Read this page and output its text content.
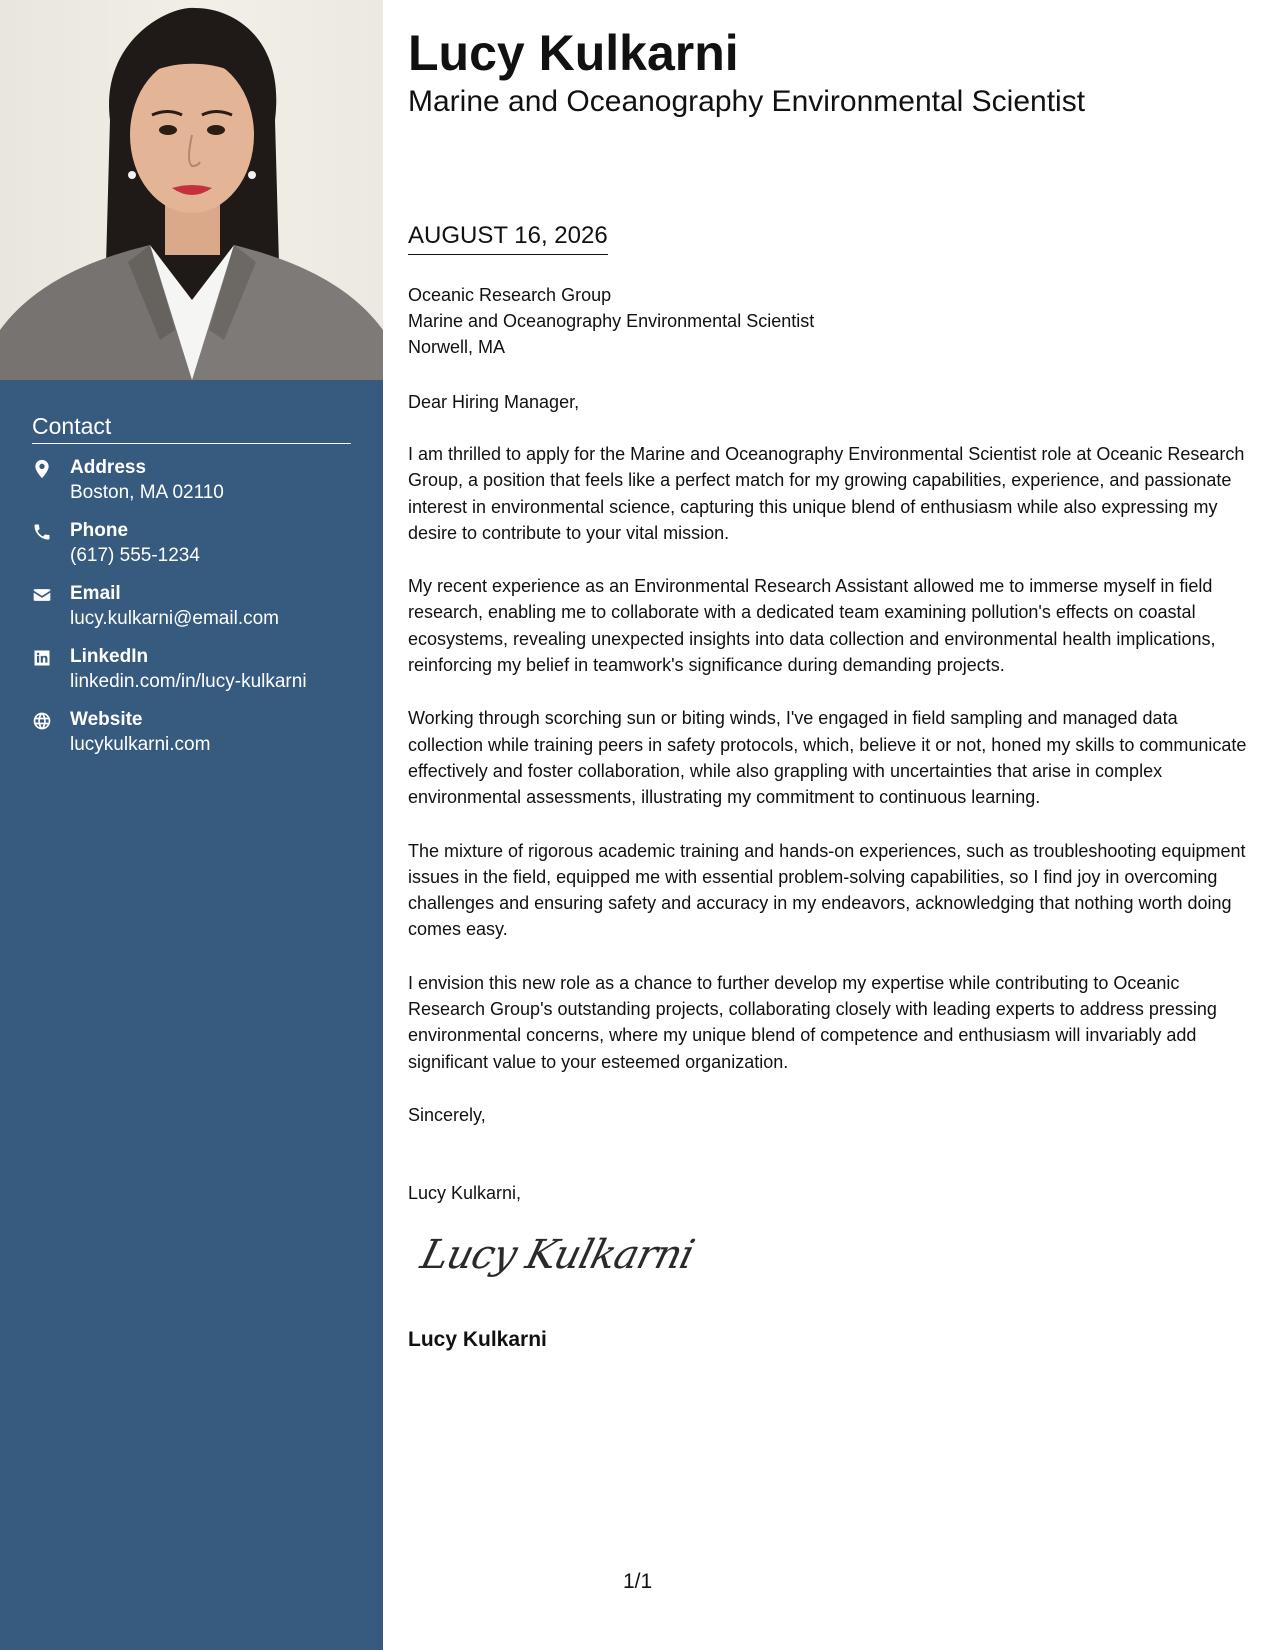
Contact
Address
Boston, MA 02110
Phone
(617) 555-1234
Email
lucy.kulkarni@email.com
LinkedIn
linkedin.com/in/lucy-kulkarni
Website
lucykulkarni.com
Lucy Kulkarni
Marine and Oceanography Environmental Scientist
AUGUST 16, 2026
Oceanic Research Group
Marine and Oceanography Environmental Scientist
Norwell, MA
Dear Hiring Manager,

I am thrilled to apply for the Marine and Oceanography Environmental Scientist role at Oceanic Research Group, a position that feels like a perfect match for my growing capabilities, experience, and passionate interest in environmental science, capturing this unique blend of enthusiasm while also expressing my desire to contribute to your vital mission.

My recent experience as an Environmental Research Assistant allowed me to immerse myself in field research, enabling me to collaborate with a dedicated team examining pollution's effects on coastal ecosystems, revealing unexpected insights into data collection and environmental health implications, reinforcing my belief in teamwork's significance during demanding projects.

Working through scorching sun or biting winds, I've engaged in field sampling and managed data collection while training peers in safety protocols, which, believe it or not, honed my skills to communicate effectively and foster collaboration, while also grappling with uncertainties that arise in complex environmental assessments, illustrating my commitment to continuous learning.

The mixture of rigorous academic training and hands-on experiences, such as troubleshooting equipment issues in the field, equipped me with essential problem-solving capabilities, so I find joy in overcoming challenges and ensuring safety and accuracy in my endeavors, acknowledging that nothing worth doing comes easy.

I envision this new role as a chance to further develop my expertise while contributing to Oceanic Research Group's outstanding projects, collaborating closely with leading experts to address pressing environmental concerns, where my unique blend of competence and enthusiasm will invariably add significant value to your esteemed organization.

Sincerely,
Lucy Kulkarni,
Lucy Kulkarni
Lucy Kulkarni
1/1
